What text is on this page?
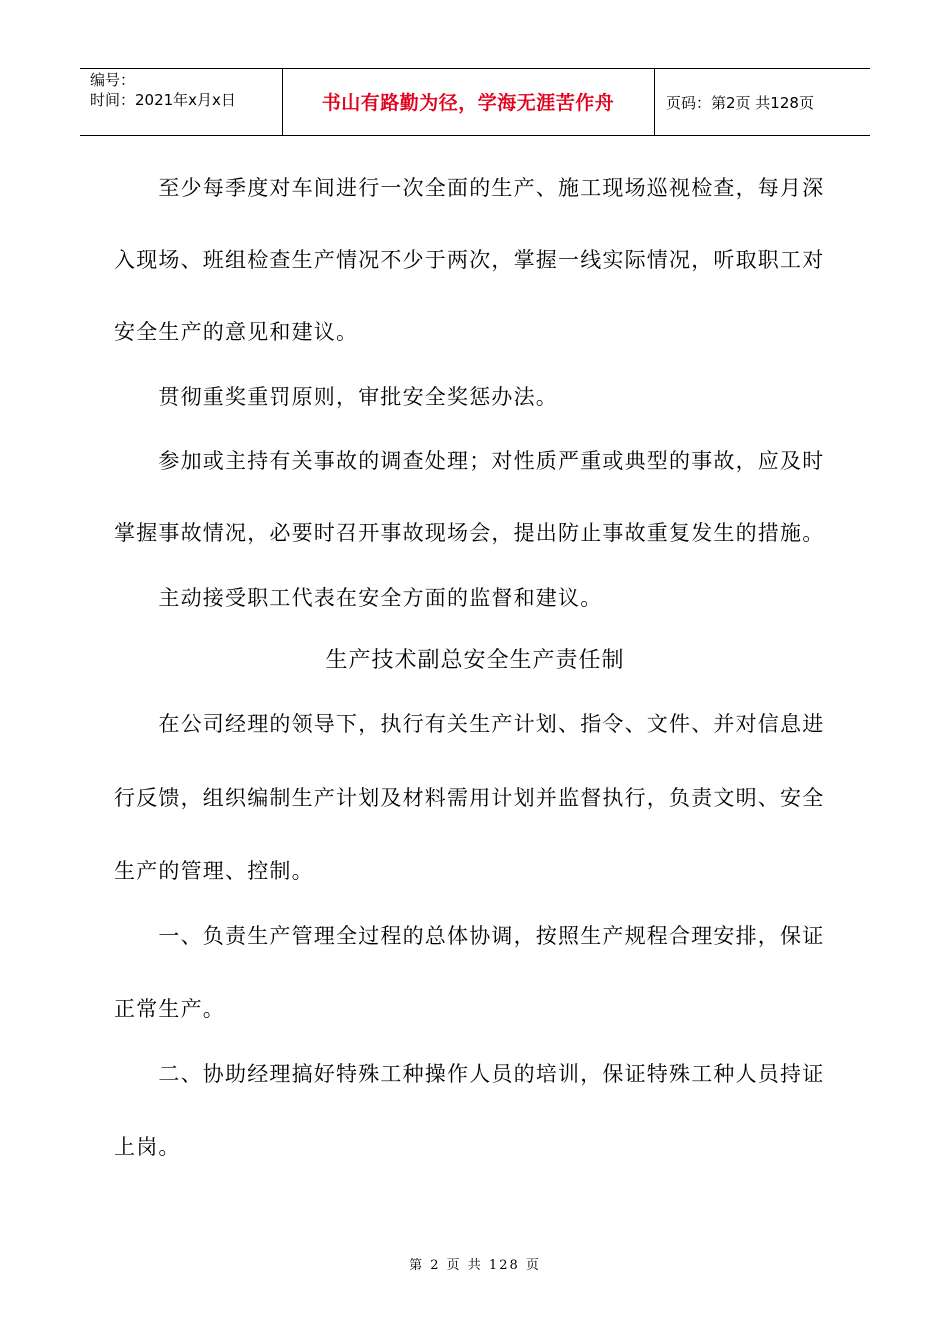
编号：
时间：2021年x月x日	书山有路勤为径，学海无涯苦作舟	页码：第2页 共128页
　　至少每季度对车间进行一次全面的生产、施工现场巡视检查，每月深
入现场、班组检查生产情况不少于两次，掌握一线实际情况，听取职工对
安全生产的意见和建议。
　　贯彻重奖重罚原则，审批安全奖惩办法。
　　参加或主持有关事故的调查处理；对性质严重或典型的事故，应及时
掌握事故情况，必要时召开事故现场会，提出防止事故重复发生的措施。
　　主动接受职工代表在安全方面的监督和建议。
生产技术副总安全生产责任制
　　在公司经理的领导下，执行有关生产计划、指令、文件、并对信息进
行反馈，组织编制生产计划及材料需用计划并监督执行，负责文明、安全
生产的管理、控制。
　　一、负责生产管理全过程的总体协调，按照生产规程合理安排，保证
正常生产。
　　二、协助经理搞好特殊工种操作人员的培训，保证特殊工种人员持证
上岗。
第 2 页 共 128 页
